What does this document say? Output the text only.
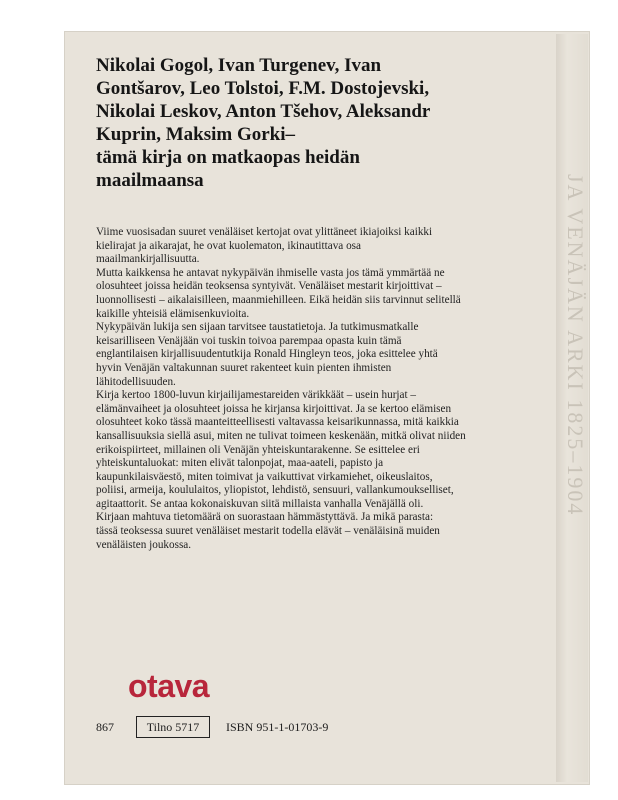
JA VENÄJÄN ARKI 1825–1904
Nikolai Gogol, Ivan Turgenev, Ivan
Gontšarov, Leo Tolstoi, F.M. Dostojevski,
Nikolai Leskov, Anton Tšehov, Aleksandr
Kuprin, Maksim Gorki–
tämä kirja on matkaopas heidän
maailmaansa
Viime vuosisadan suuret venäläiset kertojat ovat ylittäneet ikiajoiksi kaikki
kielirajat ja aikarajat, he ovat kuolematon, ikinautittava osa
maailmankirjallisuutta.
Mutta kaikkensa he antavat nykypäivän ihmiselle vasta jos tämä ymmärtää ne
olosuhteet joissa heidän teoksensa syntyivät. Venäläiset mestarit kirjoittivat –
luonnollisesti – aikalaisilleen, maanmiehilleen. Eikä heidän siis tarvinnut selitellä
kaikille yhteisiä elämisenkuvioita.
Nykypäivän lukija sen sijaan tarvitsee taustatietoja. Ja tutkimusmatkalle
keisarilliseen Venäjään voi tuskin toivoa parempaa opasta kuin tämä
englantilaisen kirjallisuudentutkija Ronald Hingleyn teos, joka esittelee yhtä
hyvin Venäjän valtakunnan suuret rakenteet kuin pienten ihmisten
lähitodellisuuden.
Kirja kertoo 1800-luvun kirjailijamestareiden värikkäät – usein hurjat –
elämänvaiheet ja olosuhteet joissa he kirjansa kirjoittivat. Ja se kertoo elämisen
olosuhteet koko tässä maanteitteellisesti valtavassa keisarikunnassa, mitä kaikkia
kansallisuuksia siellä asui, miten ne tulivat toimeen keskenään, mitkä olivat niiden
erikoispiirteet, millainen oli Venäjän yhteiskuntarakenne. Se esittelee eri
yhteiskuntaluokat: miten elivät talonpojat, maa-aateli, papisto ja
kaupunkilaisväestö, miten toimivat ja vaikuttivat virkamiehet, oikeuslaitos,
poliisi, armeija, koululaitos, yliopistot, lehdistö, sensuuri, vallankumoukselliset,
agitaattorit. Se antaa kokonaiskuvan siitä millaista vanhalla Venäjällä oli.
Kirjaan mahtuva tietomäärä on suorastaan hämmästyttävä. Ja mikä parasta:
tässä teoksessa suuret venäläiset mestarit todella elävät – venäläisinä muiden
venäläisten joukossa.
otava
867	Tilno 5717	ISBN 951-1-01703-9
